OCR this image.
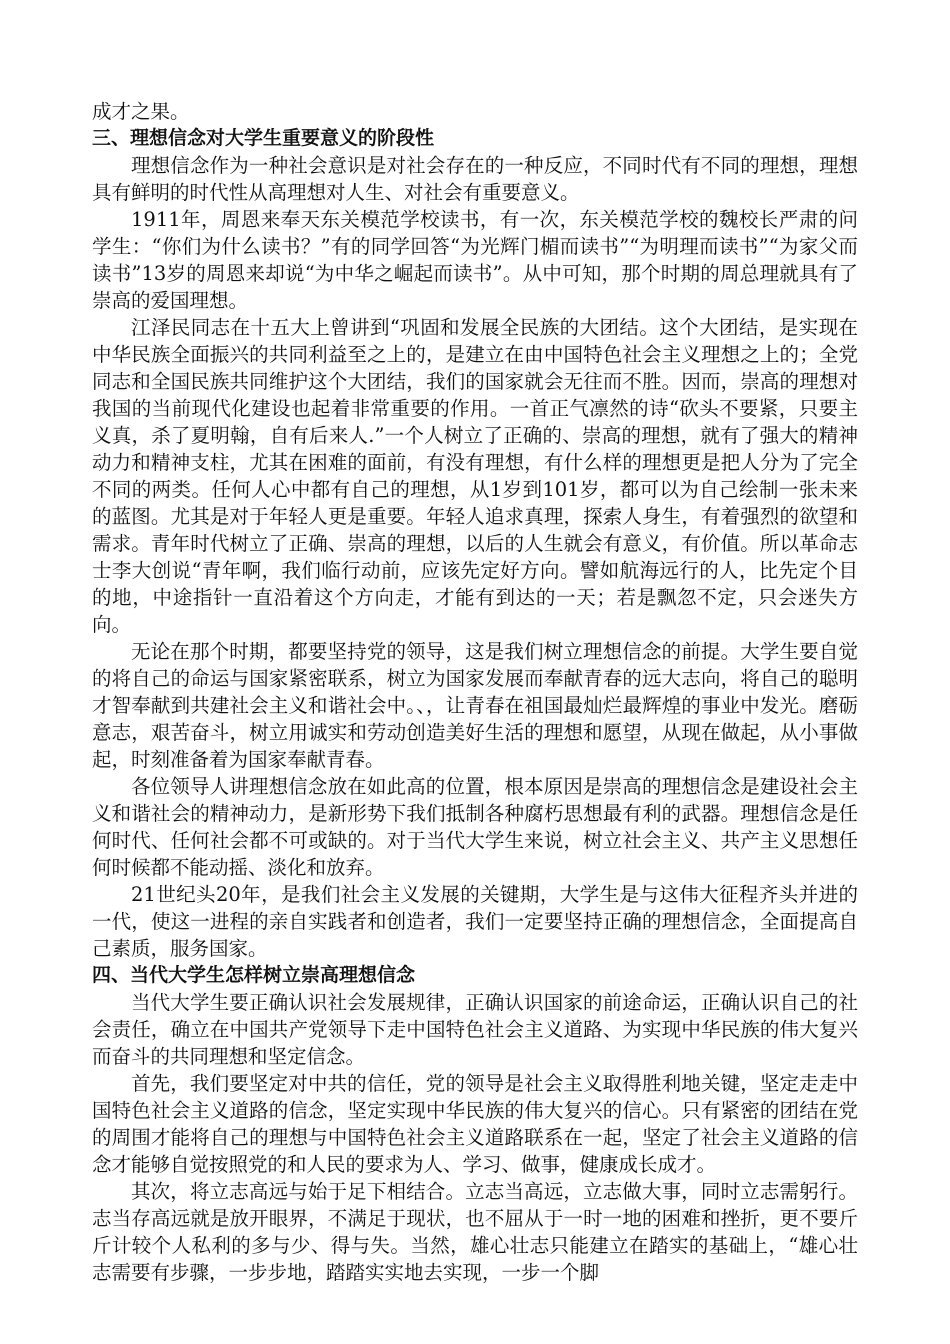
成才之果。

三、理想信念对大学生重要意义的阶段性

理想信念作为一种社会意识是对社会存在的一种反应，不同时代有不同的理想，理想具有鲜明的时代性从高理想对人生、对社会有重要意义。

1911年，周恩来奉天东关模范学校读书，有一次，东关模范学校的魏校长严肃的问学生：“你们为什么读书？”有的同学回答“为光辉门楣而读书”“为明理而读书”“为家父而读书”13岁的周恩来却说“为中华之崛起而读书”。从中可知，那个时期的周总理就具有了崇高的爱国理想。

江泽民同志在十五大上曾讲到“巩固和发展全民族的大团结。这个大团结，是实现在中华民族全面振兴的共同利益至之上的，是建立在由中国特色社会主义理想之上的；全党同志和全国民族共同维护这个大团结，我们的国家就会无往而不胜。因而，崇高的理想对我国的当前现代化建设也起着非常重要的作用。一首正气凛然的诗“砍头不要紧，只要主义真，杀了夏明翰，自有后来人.”一个人树立了正确的、崇高的理想，就有了强大的精神动力和精神支柱，尤其在困难的面前，有没有理想，有什么样的理想更是把人分为了完全不同的两类。任何人心中都有自己的理想，从1岁到101岁，都可以为自己绘制一张未来的蓝图。尤其是对于年轻人更是重要。年轻人追求真理，探索人身生，有着强烈的欲望和需求。青年时代树立了正确、崇高的理想，以后的人生就会有意义，有价值。所以革命志士李大创说“青年啊，我们临行动前，应该先定好方向。譬如航海远行的人，比先定个目的地，中途指针一直沿着这个方向走，才能有到达的一天；若是飘忽不定，只会迷失方向。

无论在那个时期，都要坚持党的领导，这是我们树立理想信念的前提。大学生要自觉的将自己的命运与国家紧密联系，树立为国家发展而奉献青春的远大志向，将自己的聪明才智奉献到共建社会主义和谐社会中。、，让青春在祖国最灿烂最辉煌的事业中发光。磨砺意志，艰苦奋斗，树立用诚实和劳动创造美好生活的理想和愿望，从现在做起，从小事做起，时刻准备着为国家奉献青春。

各位领导人讲理想信念放在如此高的位置，根本原因是崇高的理想信念是建设社会主义和谐社会的精神动力，是新形势下我们抵制各种腐朽思想最有利的武器。理想信念是任何时代、任何社会都不可或缺的。对于当代大学生来说，树立社会主义、共产主义思想任何时候都不能动摇、淡化和放弃。

21世纪头20年，是我们社会主义发展的关键期，大学生是与这伟大征程齐头并进的一代，使这一进程的亲自实践者和创造者，我们一定要坚持正确的理想信念，全面提高自己素质，服务国家。

四、当代大学生怎样树立崇高理想信念

当代大学生要正确认识社会发展规律，正确认识国家的前途命运，正确认识自己的社会责任，确立在中国共产党领导下走中国特色社会主义道路、为实现中华民族的伟大复兴而奋斗的共同理想和坚定信念。

首先，我们要坚定对中共的信任，党的领导是社会主义取得胜利地关键，坚定走走中国特色社会主义道路的信念，坚定实现中华民族的伟大复兴的信心。只有紧密的团结在党的周围才能将自己的理想与中国特色社会主义道路联系在一起，坚定了社会主义道路的信念才能够自觉按照党的和人民的要求为人、学习、做事，健康成长成才。

其次，将立志高远与始于足下相结合。立志当高远，立志做大事，同时立志需躬行。志当存高远就是放开眼界，不满足于现状，也不屈从于一时一地的困难和挫折，更不要斤斤计较个人私利的多与少、得与失。当然，雄心壮志只能建立在踏实的基础上，“雄心壮志需要有步骤，一步步地，踏踏实实地去实现，一步一个脚
